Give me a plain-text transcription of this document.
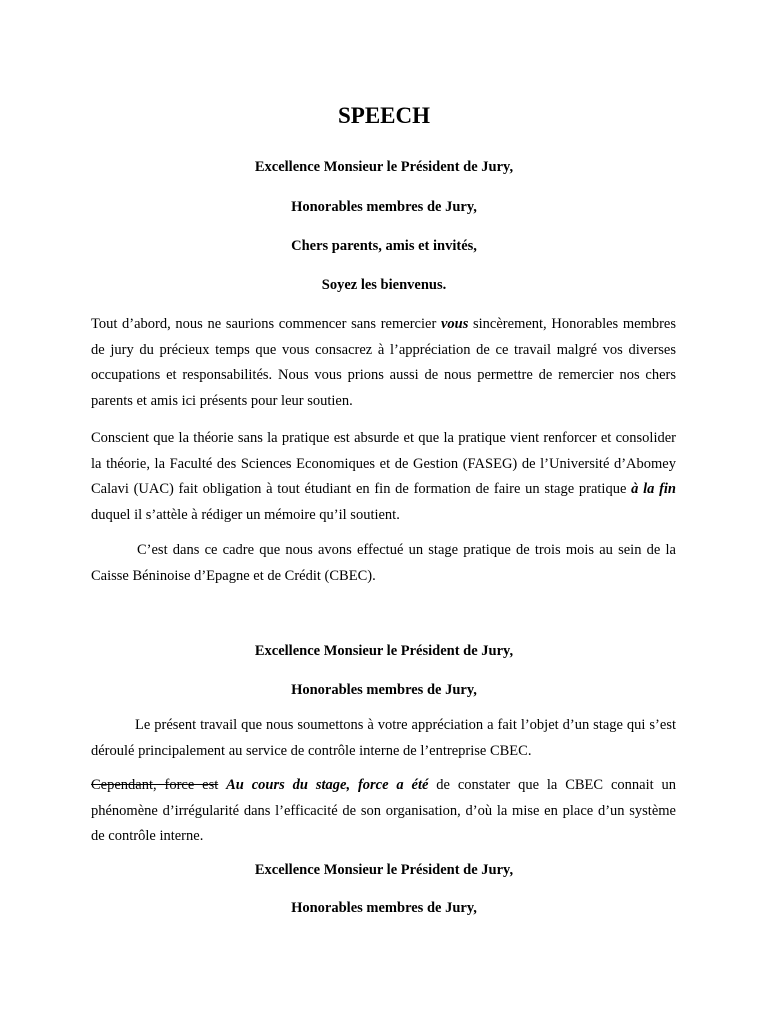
SPEECH
Excellence Monsieur le Président de Jury,
Honorables membres de Jury,
Chers parents, amis et invités,
Soyez les bienvenus.

Tout d’abord, nous ne saurions commencer sans remercier vous sincèrement, Honorables membres de jury du précieux temps que vous consacrez à l’appréciation de ce travail malgré vos diverses occupations et responsabilités. Nous vous prions aussi de nous permettre de remercier nos chers parents et amis ici présents pour leur soutien.

Conscient que la théorie sans la pratique est absurde et que la pratique vient renforcer et consolider la théorie, la Faculté des Sciences Economiques et de Gestion (FASEG) de l’Université d’Abomey Calavi (UAC) fait obligation à tout étudiant en fin de formation de faire un stage pratique à la fin duquel il s’attèle à rédiger un mémoire qu’il soutient.

C’est dans ce cadre que nous avons effectué un stage pratique de trois mois au sein de la Caisse Béninoise d’Epagne et de Crédit (CBEC).

Excellence Monsieur le Président de Jury,
Honorables membres de Jury,

Le présent travail que nous soumettons à votre appréciation a fait l’objet d’un stage qui s’est déroulé principalement au service de contrôle interne de l’entreprise CBEC.

Cependant, force est Au cours du stage, force a été de constater que la CBEC connait un phénomène d’irrégularité dans l’efficacité de son organisation, d’où la mise en place d’un système de contrôle interne.

Excellence Monsieur le Président de Jury,
Honorables membres de Jury,
